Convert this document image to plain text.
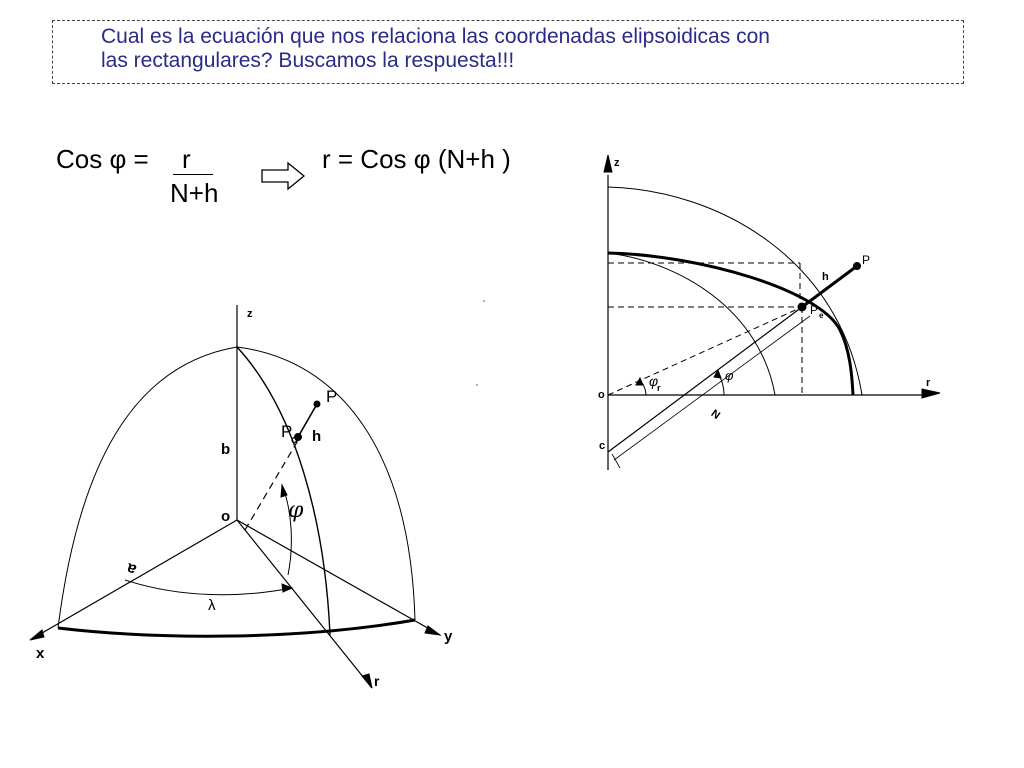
Cual es la ecuación que nos relaciona las coordenadas elipsoidicas con
las rectangulares? Buscamos la respuesta!!!
Cos φ = r
N+h
r = Cos φ (N+h )
z
b
o
a
x
y
r
P
P
o h
φ
λ
z
o
c
r
P
h
P e
N
φ
r
φ
